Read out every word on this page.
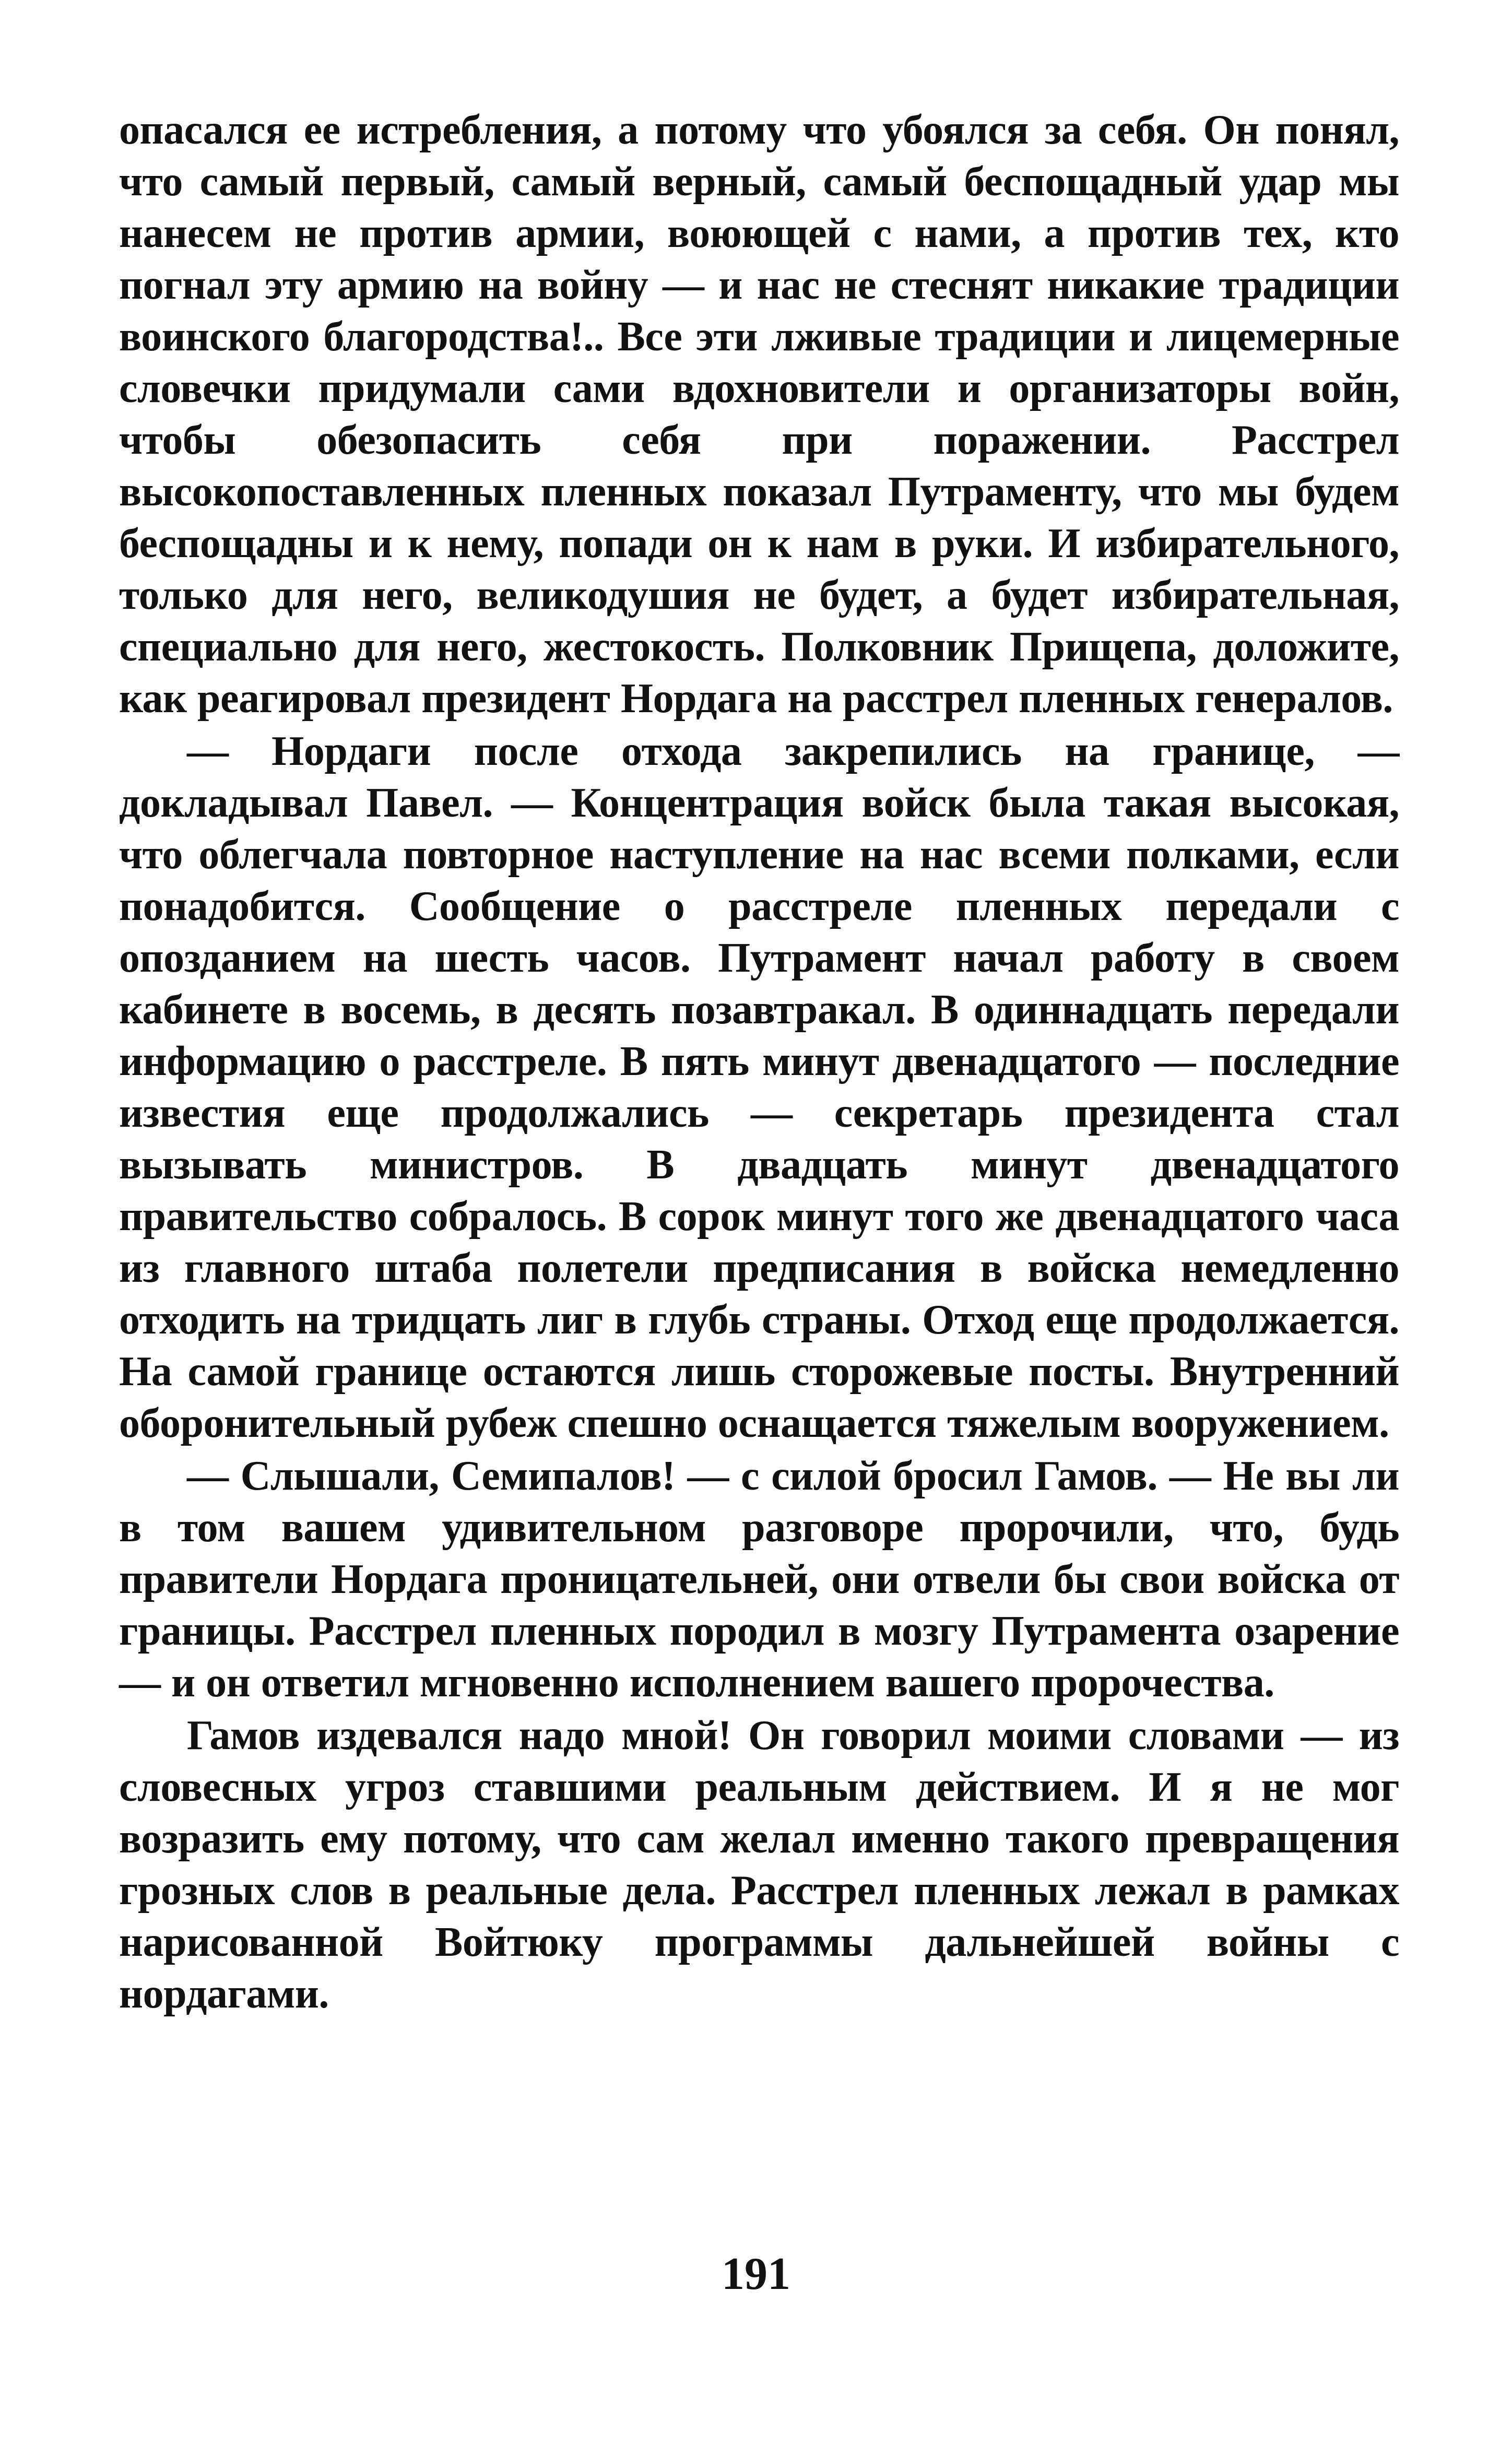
опасался ее истребления, а потому что убоялся за себя. Он понял, что самый первый, самый верный, самый беспощадный удар мы нанесем не против армии, воюющей с нами, а против тех, кто погнал эту армию на войну — и нас не стеснят никакие традиции воинского благородства!.. Все эти лживые традиции и лицемерные словечки придумали сами вдохновители и организаторы войн, чтобы обезопасить себя при поражении. Расстрел высокопоставленных пленных показал Путраменту, что мы будем беспощадны и к нему, попади он к нам в руки. И избирательного, только для него, великодушия не будет, а будет избирательная, специально для него, жестокость. Полковник Прищепа, доложите, как реагировал президент Нордага на расстрел пленных генералов.

— Нордаги после отхода закрепились на границе, — докладывал Павел. — Концентрация войск была такая высокая, что облегчала повторное наступление на нас всеми полками, если понадобится. Сообщение о расстреле пленных передали с опозданием на шесть часов. Путрамент начал работу в своем кабинете в восемь, в десять позавтракал. В одиннадцать передали информацию о расстреле. В пять минут двенадцатого — последние известия еще продолжались — секретарь президента стал вызывать министров. В двадцать минут двенадцатого правительство собралось. В сорок минут того же двенадцатого часа из главного штаба полетели предписания в войска немедленно отходить на тридцать лиг в глубь страны. Отход еще продолжается. На самой границе остаются лишь сторожевые посты. Внутренний оборонительный рубеж спешно оснащается тяжелым вооружением.

— Слышали, Семипалов! — с силой бросил Гамов. — Не вы ли в том вашем удивительном разговоре пророчили, что, будь правители Нордага проницательней, они отвели бы свои войска от границы. Расстрел пленных породил в мозгу Путрамента озарение — и он ответил мгновенно исполнением вашего пророчества.

Гамов издевался надо мной! Он говорил моими словами — из словесных угроз ставшими реальным действием. И я не мог возразить ему потому, что сам желал именно такого превращения грозных слов в реальные дела. Расстрел пленных лежал в рамках нарисованной Войтюку программы дальнейшей войны с нордагами.

191
